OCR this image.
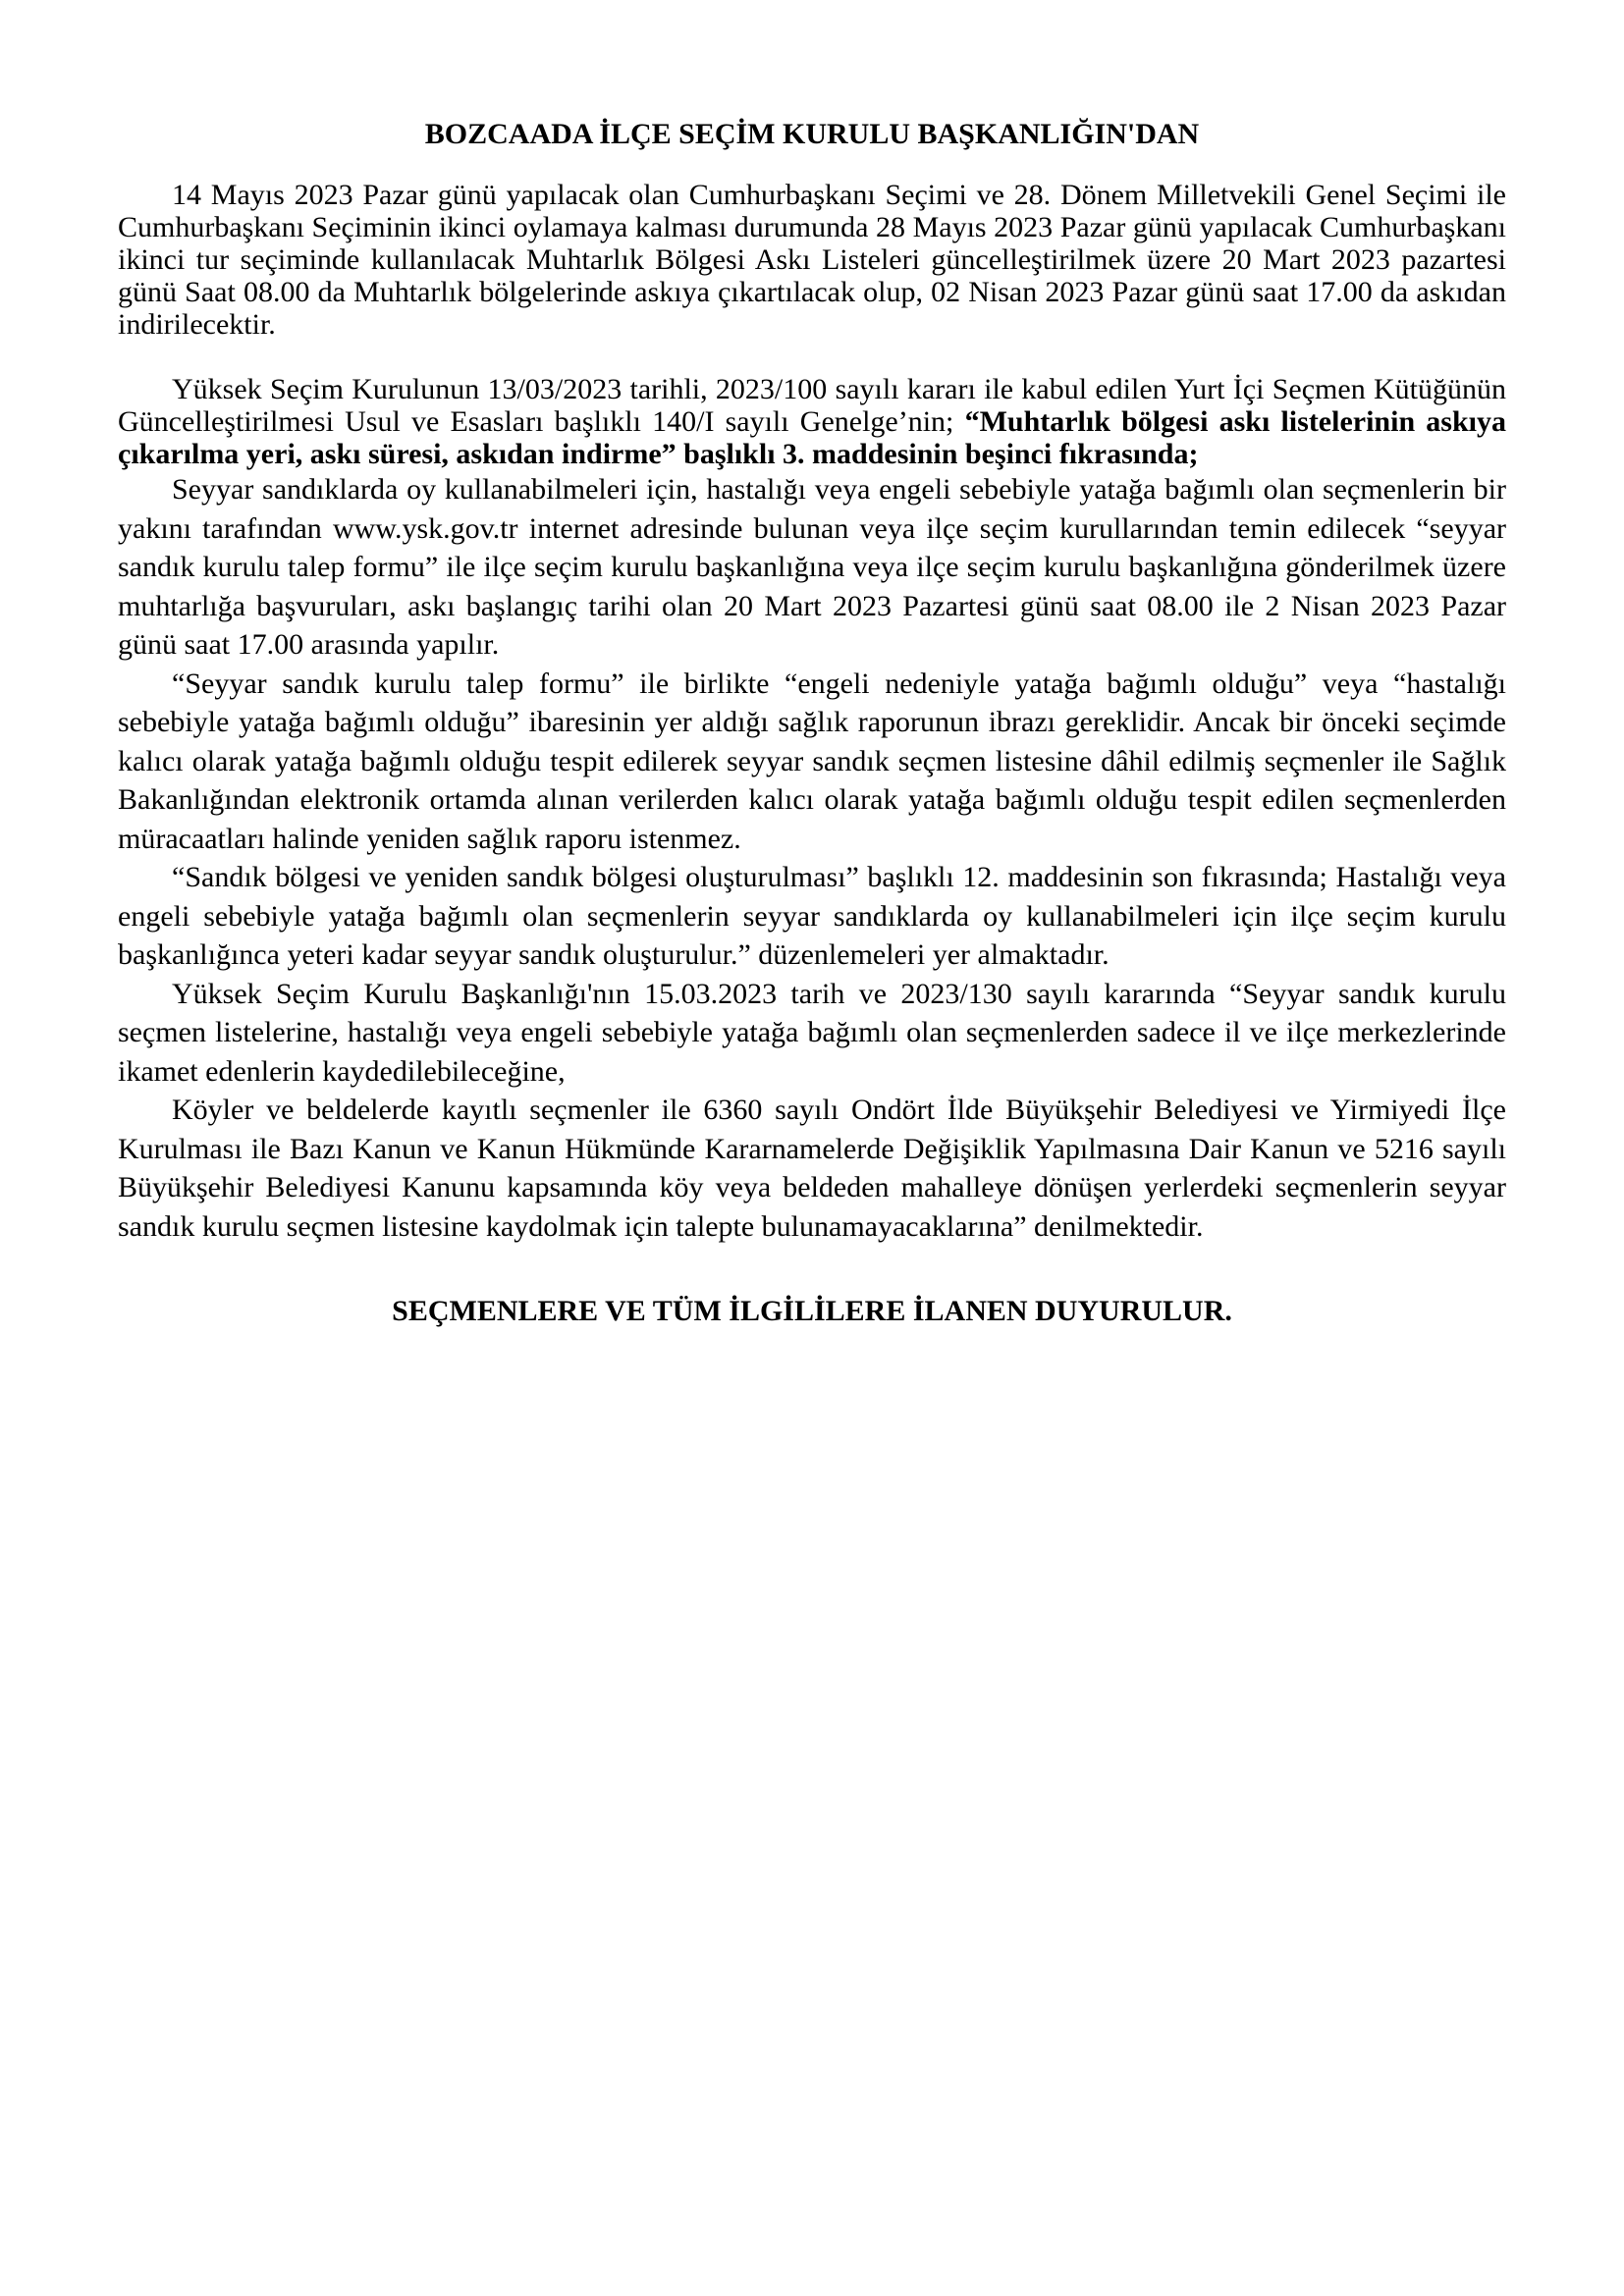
BOZCAADA İLÇE SEÇİM KURULU BAŞKANLIĞIN'DAN

14 Mayıs 2023 Pazar günü yapılacak olan Cumhurbaşkanı Seçimi ve 28. Dönem Milletvekili Genel Seçimi ile Cumhurbaşkanı Seçiminin ikinci oylamaya kalması durumunda 28 Mayıs 2023 Pazar günü yapılacak Cumhurbaşkanı ikinci tur seçiminde kullanılacak Muhtarlık Bölgesi Askı Listeleri güncelleştirilmek üzere 20 Mart 2023 pazartesi günü Saat 08.00 da Muhtarlık bölgelerinde askıya çıkartılacak olup, 02 Nisan 2023 Pazar günü saat 17.00 da askıdan indirilecektir.

Yüksek Seçim Kurulunun 13/03/2023 tarihli, 2023/100 sayılı kararı ile kabul edilen Yurt İçi Seçmen Kütüğünün Güncelleştirilmesi Usul ve Esasları başlıklı 140/I sayılı Genelge’nin; “Muhtarlık bölgesi askı listelerinin askıya çıkarılma yeri, askı süresi, askıdan indirme” başlıklı 3. maddesinin beşinci fıkrasında;

Seyyar sandıklarda oy kullanabilmeleri için, hastalığı veya engeli sebebiyle yatağa bağımlı olan seçmenlerin bir yakını tarafından www.ysk.gov.tr internet adresinde bulunan veya ilçe seçim kurullarından temin edilecek “seyyar sandık kurulu talep formu” ile ilçe seçim kurulu başkanlığına veya ilçe seçim kurulu başkanlığına gönderilmek üzere muhtarlığa başvuruları, askı başlangıç tarihi olan 20 Mart 2023 Pazartesi günü saat 08.00 ile 2 Nisan 2023 Pazar günü saat 17.00 arasında yapılır.

“Seyyar sandık kurulu talep formu” ile birlikte “engeli nedeniyle yatağa bağımlı olduğu” veya “hastalığı sebebiyle yatağa bağımlı olduğu” ibaresinin yer aldığı sağlık raporunun ibrazı gereklidir. Ancak bir önceki seçimde kalıcı olarak yatağa bağımlı olduğu tespit edilerek seyyar sandık seçmen listesine dâhil edilmiş seçmenler ile Sağlık Bakanlığından elektronik ortamda alınan verilerden kalıcı olarak yatağa bağımlı olduğu tespit edilen seçmenlerden müracaatları halinde yeniden sağlık raporu istenmez.

“Sandık bölgesi ve yeniden sandık bölgesi oluşturulması” başlıklı 12. maddesinin son fıkrasında; Hastalığı veya engeli sebebiyle yatağa bağımlı olan seçmenlerin seyyar sandıklarda oy kullanabilmeleri için ilçe seçim kurulu başkanlığınca yeteri kadar seyyar sandık oluşturulur.” düzenlemeleri yer almaktadır.

Yüksek Seçim Kurulu Başkanlığı'nın 15.03.2023 tarih ve 2023/130 sayılı kararında “Seyyar sandık kurulu seçmen listelerine, hastalığı veya engeli sebebiyle yatağa bağımlı olan seçmenlerden sadece il ve ilçe merkezlerinde ikamet edenlerin kaydedilebileceğine,

Köyler ve beldelerde kayıtlı seçmenler ile 6360 sayılı Ondört İlde Büyükşehir Belediyesi ve Yirmiyedi İlçe Kurulması ile Bazı Kanun ve Kanun Hükmünde Kararnamelerde Değişiklik Yapılmasına Dair Kanun ve 5216 sayılı Büyükşehir Belediyesi Kanunu kapsamında köy veya beldeden mahalleye dönüşen yerlerdeki seçmenlerin seyyar sandık kurulu seçmen listesine kaydolmak için talepte bulunamayacaklarına” denilmektedir.

SEÇMENLERE VE TÜM İLGİLİLERE İLANEN DUYURULUR.
